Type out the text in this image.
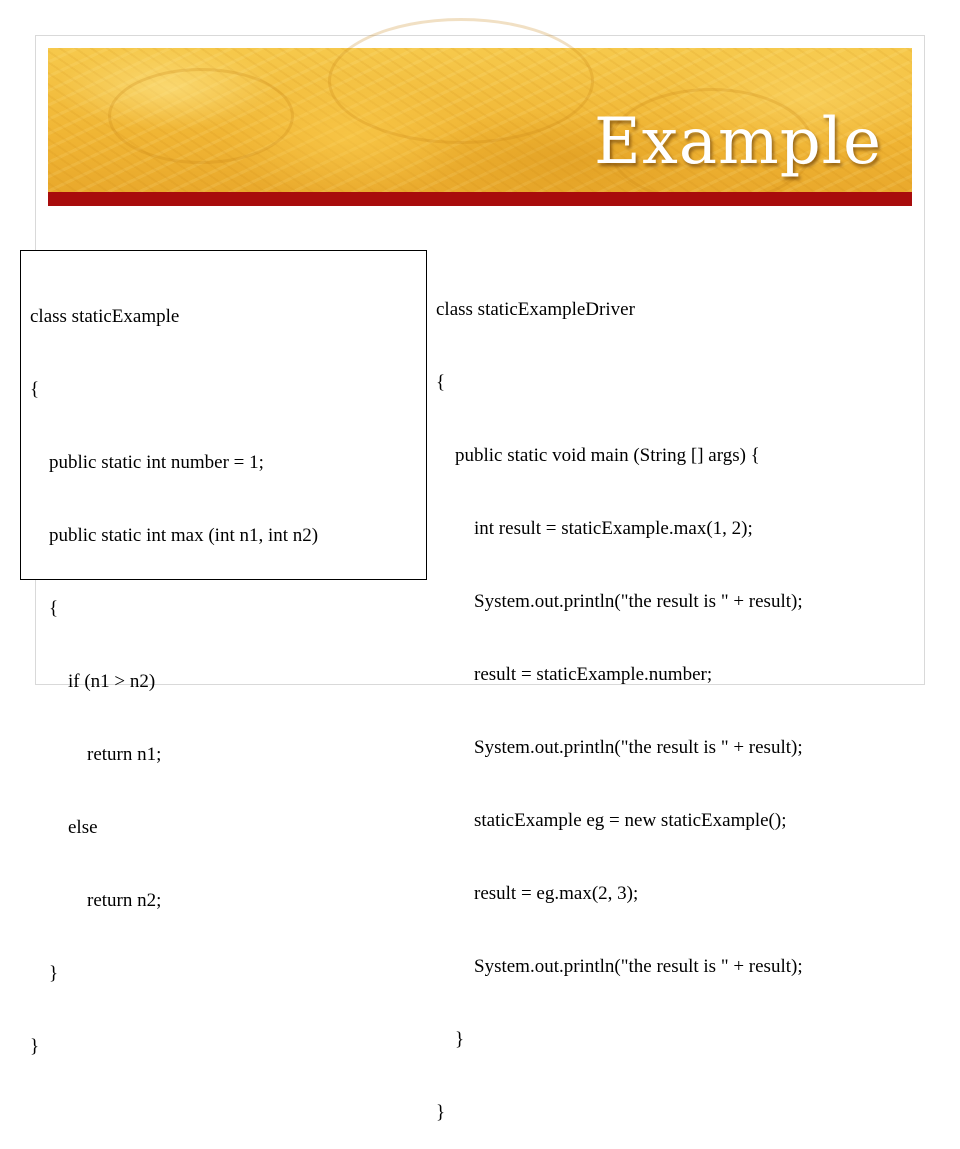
Example

class staticExample

{

public static int number = 1;

public static int max (int n1, int n2)

{

if (n1 > n2)

return n1;

else

return n2;

}

}

class staticExampleDriver

{

public static void main (String [] args) {

int result = staticExample.max(1, 2);

System.out.println("the result is " + result);

result = staticExample.number;

System.out.println("the result is " + result);

staticExample eg = new staticExample();

result = eg.max(2, 3);

System.out.println("the result is " + result);

}

}
